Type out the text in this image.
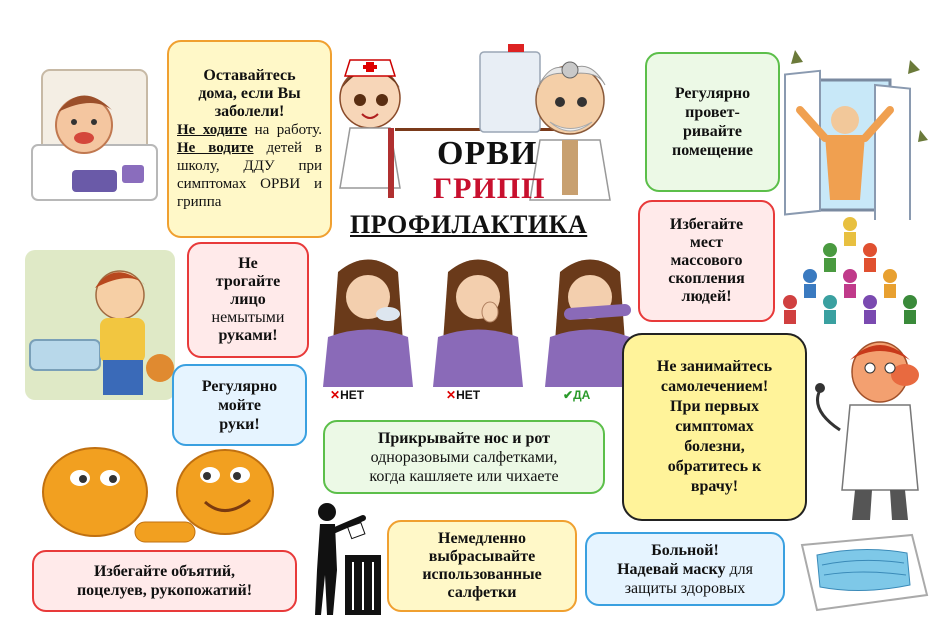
✕НЕТ	✕НЕТ	✔ДА
ОРВИ
ГРИПП
ПРОФИЛАКТИКА
Оставайтесь
дома, если Вы
заболели!
Не ходите на работу. Не водите детей в школу, ДДУ при симптомах ОРВИ и гриппа
Не
трогайте
лицо
немытыми
руками!
Регулярно
мойте
руки!
Прикрывайте нос и рот
одноразовыми салфетками,
когда кашляете или чихаете
Избегайте объятий,
поцелуев, рукопожатий!
Немедленно
выбрасывайте
использованные
салфетки
Больной!
Надевай маску для
защиты здоровых
Регулярно
провет-
ривайте
помещение
Избегайте
мест
массового
скопления
людей!
Не занимайтесь
самолечением!
При первых
симптомах
болезни,
обратитесь к
врачу!
